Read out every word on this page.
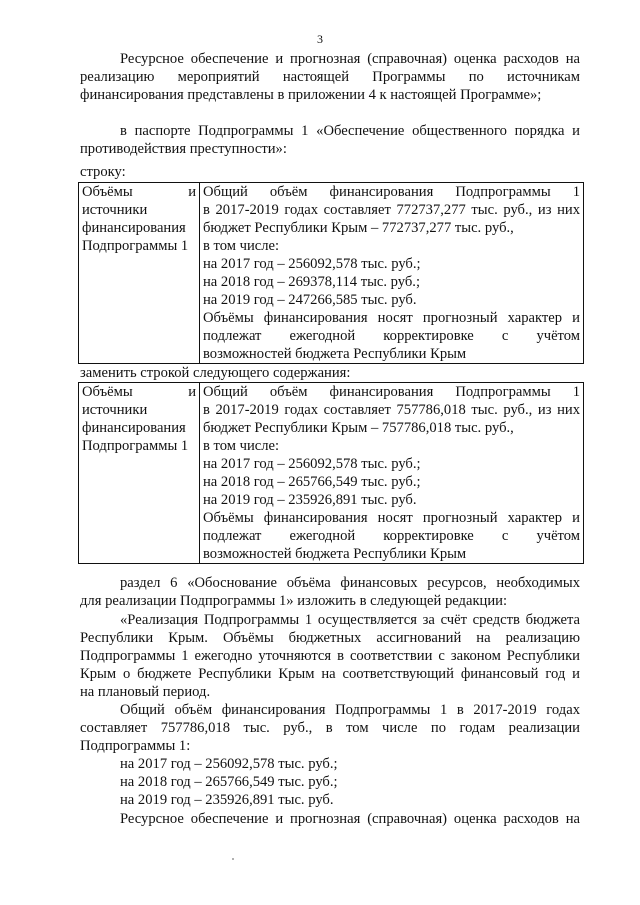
3
Ресурсное обеспечение и прогнозная (справочная) оценка расходов на
реализацию мероприятий настоящей Программы по источникам
финансирования представлены в приложении 4 к настоящей Программе»;
в паспорте Подпрограммы 1 «Обеспечение общественного порядка и
противодействия преступности»:
строку:
Объёмы	и
источники
финансирования
Подпрограммы 1

Общий объём финансирования Подпрограммы 1
в 2017-2019 годах составляет 772737,277 тыс. руб., из них
бюджет Республики Крым – 772737,277 тыс. руб.,
в том числе:
на 2017 год – 256092,578 тыс. руб.;
на 2018 год – 269378,114 тыс. руб.;
на 2019 год – 247266,585 тыс. руб.
Объёмы финансирования носят прогнозный характер и
подлежат ежегодной корректировке с учётом
возможностей бюджета Республики Крым
заменить строкой следующего содержания:
Объёмы	и
источники
финансирования
Подпрограммы 1

Общий объём финансирования Подпрограммы 1
в 2017-2019 годах составляет 757786,018 тыс. руб., из них
бюджет Республики Крым – 757786,018 тыс. руб.,
в том числе:
на 2017 год – 256092,578 тыс. руб.;
на 2018 год – 265766,549 тыс. руб.;
на 2019 год – 235926,891 тыс. руб.
Объёмы финансирования носят прогнозный характер и
подлежат ежегодной корректировке с учётом
возможностей бюджета Республики Крым
раздел 6 «Обоснование объёма финансовых ресурсов, необходимых
для реализации Подпрограммы 1» изложить в следующей редакции:
«Реализация Подпрограммы 1 осуществляется за счёт средств бюджета
Республики Крым. Объёмы бюджетных ассигнований на реализацию
Подпрограммы 1 ежегодно уточняются в соответствии с законом Республики
Крым о бюджете Республики Крым на соответствующий финансовый год и
на плановый период.
Общий объём финансирования Подпрограммы 1 в 2017-2019 годах
составляет 757786,018 тыс. руб., в том числе по годам реализации
Подпрограммы 1:
на 2017 год – 256092,578 тыс. руб.;
на 2018 год – 265766,549 тыс. руб.;
на 2019 год – 235926,891 тыс. руб.
Ресурсное обеспечение и прогнозная (справочная) оценка расходов на
